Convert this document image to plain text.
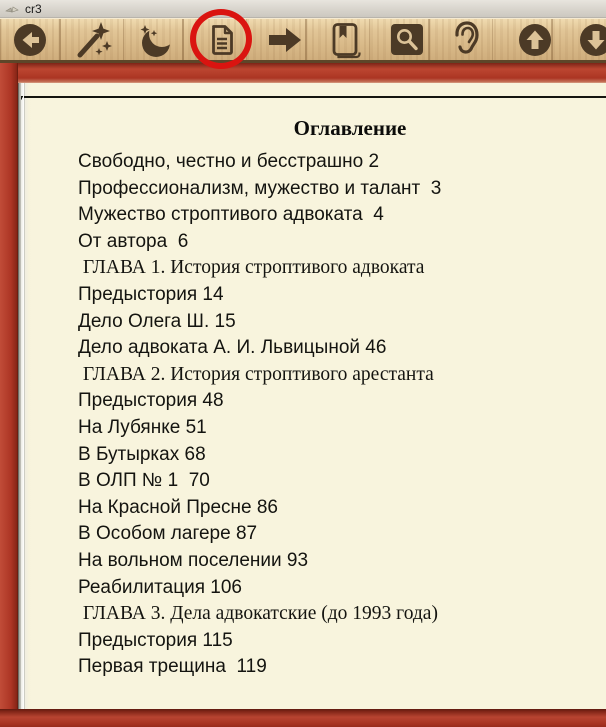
cr3
Оглавление
Свободно, честно и бесстрашно 2
Профессионализм, мужество и талант  3
Мужество строптивого адвоката  4
От автора  6
ГЛАВА 1. История строптивого адвоката
Предыстория 14
Дело Олега Ш. 15
Дело адвоката А. И. Львицыной 46
ГЛАВА 2. История строптивого арестанта
Предыстория 48
На Лубянке 51
В Бутырках 68
В ОЛП № 1  70
На Красной Пресне 86
В Особом лагере 87
На вольном поселении 93
Реабилитация 106
ГЛАВА 3. Дела адвокатские (до 1993 года)
Предыстория 115
Первая трещина  119
